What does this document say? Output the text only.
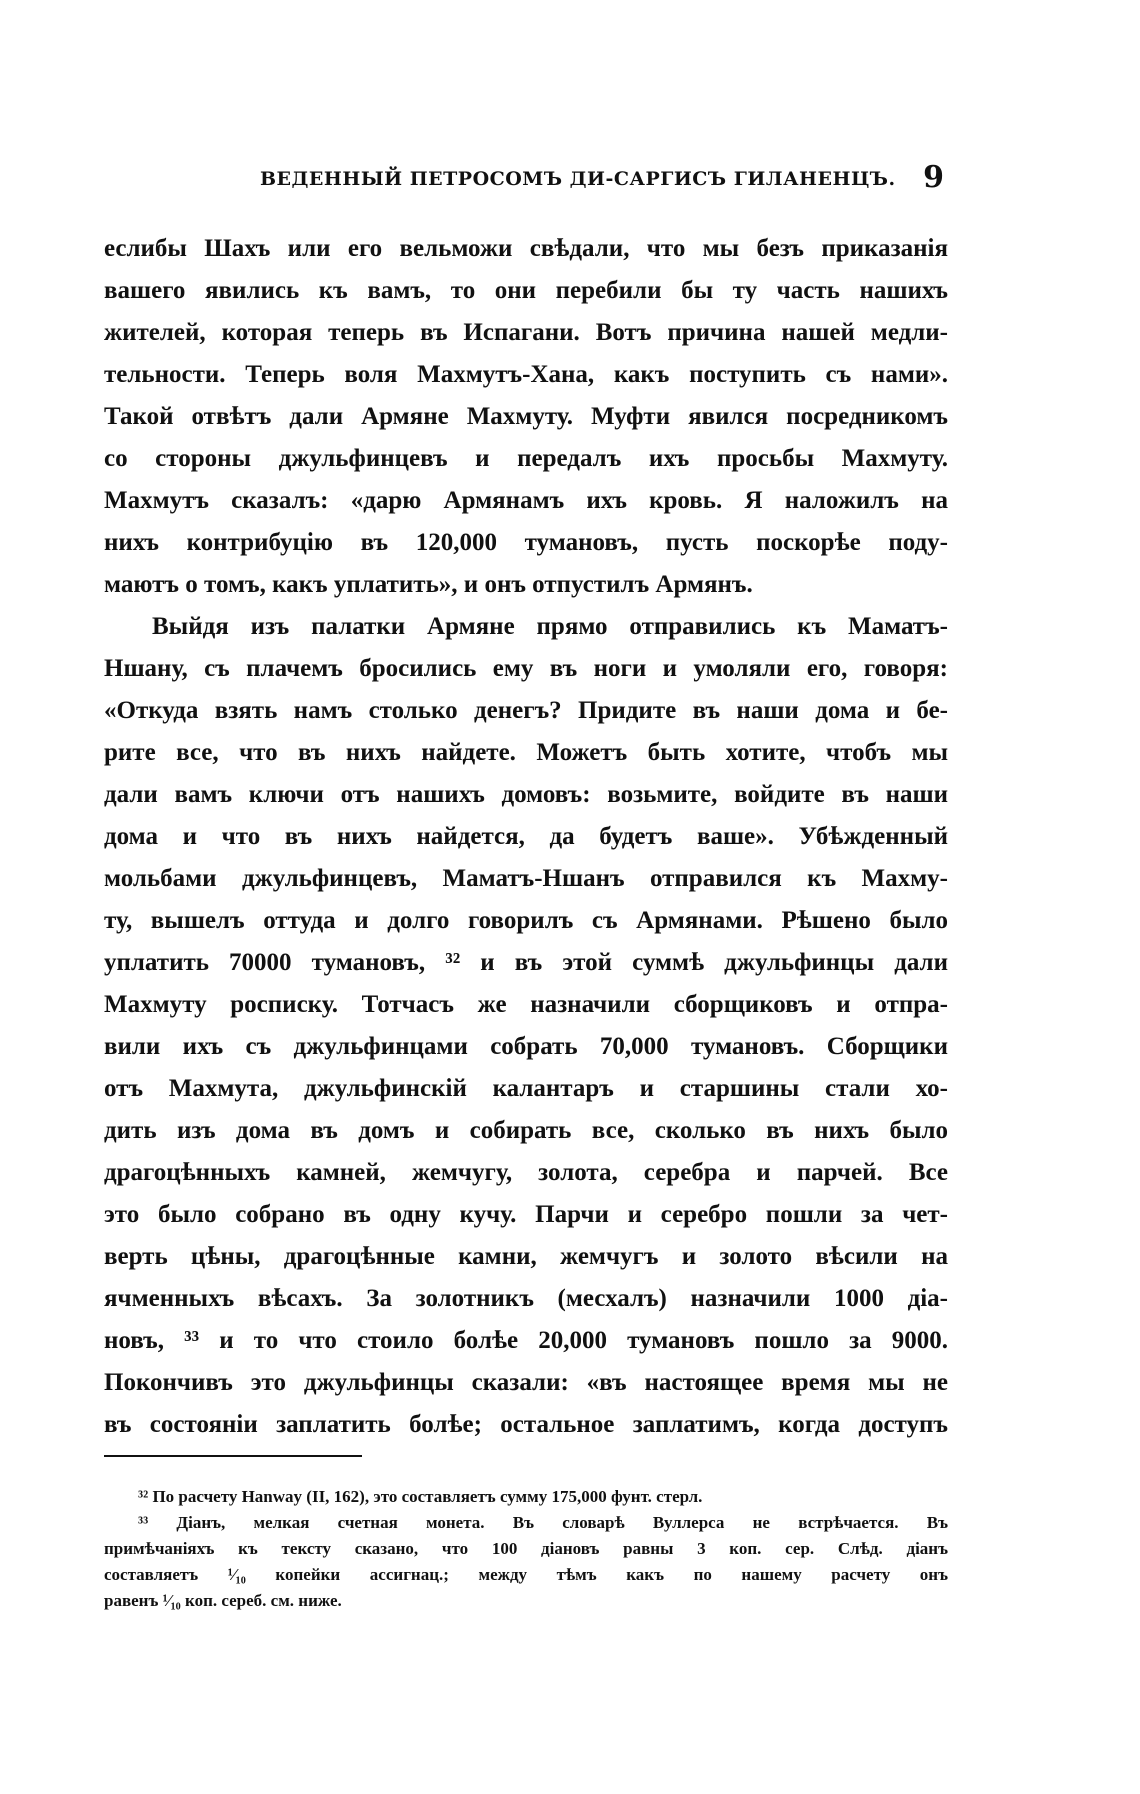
ВЕДЕННЫЙ ПЕТРОСОМЪ ДИ-САРГИСЪ ГИЛАНЕНЦЪ. 9
еслибы Шахъ или его вельможи свѣдали, что мы безъ приказанія
вашего явились къ вамъ, то они перебили бы ту часть нашихъ
жителей, которая теперь въ Испагани. Вотъ причина нашей медли-
тельности. Теперь воля Махмутъ-Хана, какъ поступить съ нами».
Такой отвѣтъ дали Армяне Махмуту. Муфти явился посредникомъ
со стороны джульфинцевъ и передалъ ихъ просьбы Махмуту.
Махмутъ сказалъ: «дарю Армянамъ ихъ кровь. Я наложилъ на
нихъ контрибуцію въ 120,000 тумановъ, пусть поскорѣе поду-
маютъ о томъ, какъ уплатить», и онъ отпустилъ Армянъ.
Выйдя изъ палатки Армяне прямо отправились къ Маматъ-
Ншану, съ плачемъ бросились ему въ ноги и умоляли его, говоря:
«Откуда взять намъ столько денегъ? Придите въ наши дома и бе-
рите все, что въ нихъ найдете. Можетъ быть хотите, чтобъ мы
дали вамъ ключи отъ нашихъ домовъ: возьмите, войдите въ наши
дома и что въ нихъ найдется, да будетъ ваше». Убѣжденный
мольбами джульфинцевъ, Маматъ-Ншанъ отправился къ Махму-
ту, вышелъ оттуда и долго говорилъ съ Армянами. Рѣшено было
уплатить 70000 тумановъ, ³² и въ этой суммѣ джульфинцы дали
Махмуту росписку. Тотчасъ же назначили сборщиковъ и отпра-
вили ихъ съ джульфинцами собрать 70,000 тумановъ. Сборщики
отъ Махмута, джульфинскій калантаръ и старшины стали хо-
дить изъ дома въ домъ и собирать все, сколько въ нихъ было
драгоцѣнныхъ камней, жемчугу, золота, серебра и парчей. Все
это было собрано въ одну кучу. Парчи и серебро пошли за чет-
верть цѣны, драгоцѣнные камни, жемчугъ и золото вѣсили на
ячменныхъ вѣсахъ. За золотникъ (месхалъ) назначили 1000 діа-
новъ, ³³ и то что стоило болѣе 20,000 тумановъ пошло за 9000.
Покончивъ это джульфинцы сказали: «въ настоящее время мы не
въ состояніи заплатить болѣе; остальное заплатимъ, когда доступъ
³² По расчету Hanway (II, 162), это составляетъ сумму 175,000 фунт. стерл.
³³ Діанъ, мелкая счетная монета. Въ словарѣ Вуллерса не встрѣчается. Въ
примѣчаніяхъ къ тексту сказано, что 100 діановъ равны 3 коп. сер. Слѣд. діанъ
составляетъ ¹⁄₁₀ копейки ассигнац.; между тѣмъ какъ по нашему расчету онъ
равенъ ¹⁄₁₀ коп. сереб. см. ниже.
